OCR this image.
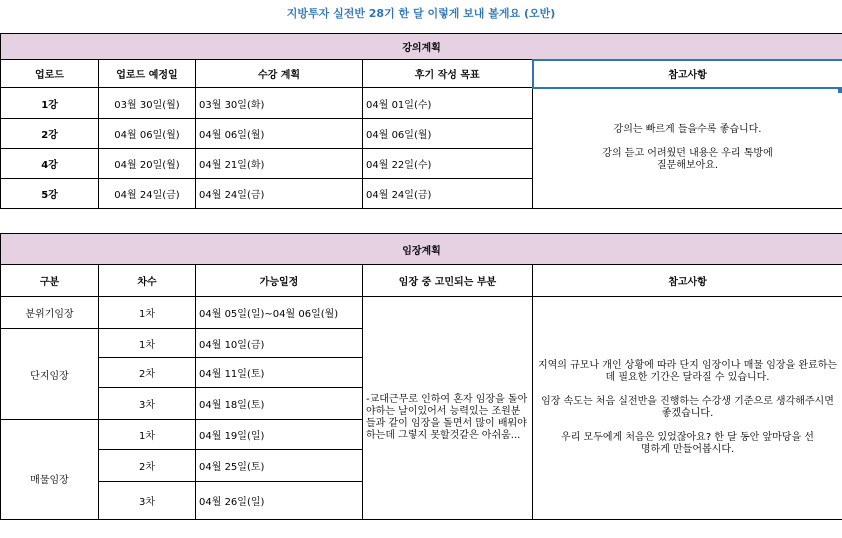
지방투자 실전반 28기 한 달 이렇게 보내 볼게요 (오반)
강의계획				
업로드	업로드 예정일	수강 계획	후기 작성 목표	참고사항
1강	03월 30일(월)	03월 30일(화)	04월 01일(수)	강의는 빠르게 들을수록 좋습니다.

강의 듣고 어려웠던 내용은 우리 톡방에 질문해보아요.

2강	04월 06일(월)	04월 06일(월)	04월 06일(월)	
4강	04월 20일(월)	04월 21일(화)	04월 22일(수)	
5강	04월 24일(금)	04월 24일(금)	04월 24일(금)	
임장계획				
구분	차수	가능일정	임장 중 고민되는 부분	참고사항
분위기임장	1차	04월 05일(일)~04월 06일(월)	-교대근무로 인하여 혼자 임장을 돌아야하는 날이있어서 능력있는 조원분들과 같이 임장을 돌면서 많이 배워야하는데 그렇지 못할것같은 아쉬움...	지역의 규모나 개인 상황에 따라 단지 임장이나 매물 임장을 완료하는 데 필요한 기간은 달라질 수 있습니다.

임장 속도는 처음 실전반을 진행하는 수강생 기준으로 생각해주시면 좋겠습니다.

우리 모두에게 처음은 있었잖아요? 한 달 동안 앞마당을 선명하게 만들어봅시다.

단지임장	1차	04월 10일(금)		
	2차	04월 11일(토)		
	3차	04월 18일(토)		
매물임장	1차	04월 19일(일)		
	2차	04월 25일(토)		
	3차	04월 26일(일)		
